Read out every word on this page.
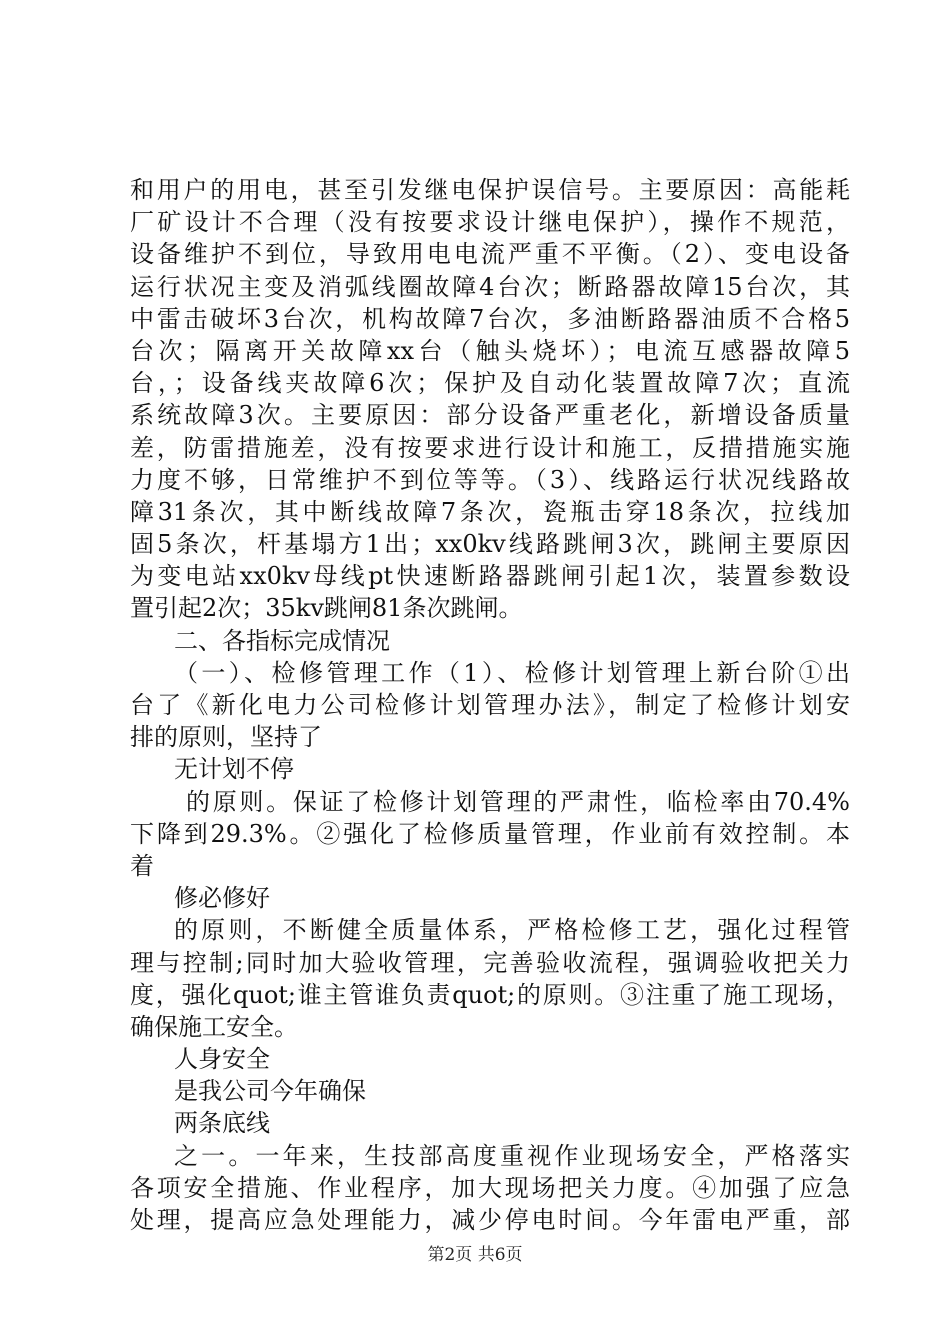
和用户的用电，甚至引发继电保护误信号。主要原因：高能耗
厂矿设计不合理（没有按要求设计继电保护），操作不规范，
设备维护不到位，导致用电电流严重不平衡。（2）、变电设备
运行状况主变及消弧线圈故障4台次；断路器故障15台次，其
中雷击破坏3台次，机构故障7台次，多油断路器油质不合格5
台次；隔离开关故障xx台（触头烧坏）；电流互感器故障5
台，；设备线夹故障6次；保护及自动化装置故障7次；直流
系统故障3次。主要原因：部分设备严重老化，新增设备质量
差，防雷措施差，没有按要求进行设计和施工，反措措施实施
力度不够，日常维护不到位等等。（3）、线路运行状况线路故
障31条次，其中断线故障7条次，瓷瓶击穿18条次，拉线加
固5条次，杆基塌方1出；xx0kv线路跳闸3次，跳闸主要原因
为变电站xx0kv母线pt快速断路器跳闸引起1次，装置参数设
置引起2次；35kv跳闸81条次跳闸。
二、各指标完成情况
（一）、检修管理工作（1）、检修计划管理上新台阶①出
台了《新化电力公司检修计划管理办法》，制定了检修计划安
排的原则，坚持了
无计划不停
的原则。保证了检修计划管理的严肃性，临检率由70.4%
下降到29.3%。②强化了检修质量管理，作业前有效控制。本
着
修必修好
的原则，不断健全质量体系，严格检修工艺，强化过程管
理与控制;同时加大验收管理，完善验收流程，强调验收把关力
度，强化quot;谁主管谁负责quot;的原则。③注重了施工现场，
确保施工安全。
人身安全
是我公司今年确保
两条底线
之一。一年来，生技部高度重视作业现场安全，严格落实
各项安全措施、作业程序，加大现场把关力度。④加强了应急
处理，提高应急处理能力，减少停电时间。今年雷电严重，部
第2页 共6页
